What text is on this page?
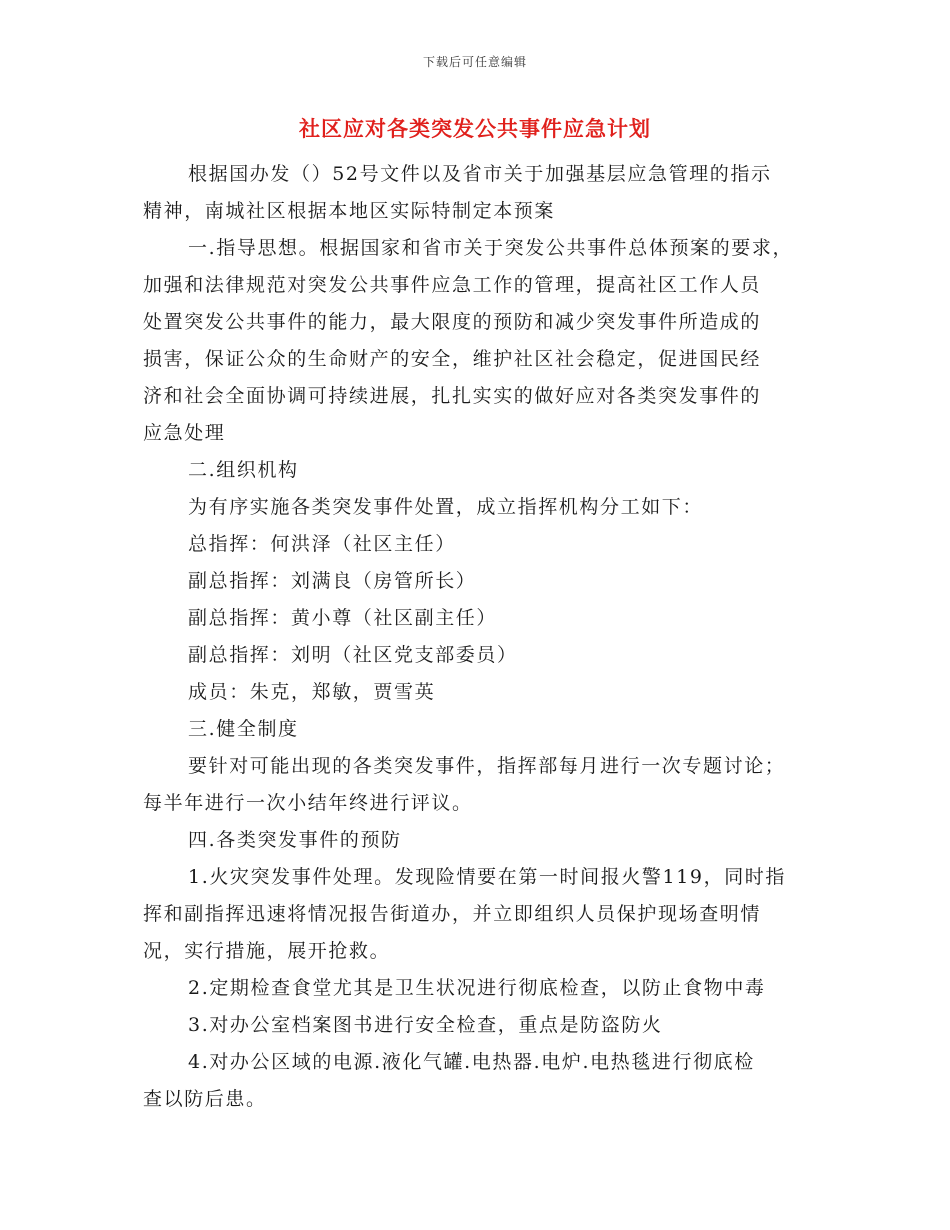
下载后可任意编辑
社区应对各类突发公共事件应急计划
根据国办发（）52号文件以及省市关于加强基层应急管理的指示
精神，南城社区根据本地区实际特制定本预案
一.指导思想。根据国家和省市关于突发公共事件总体预案的要求，
加强和法律规范对突发公共事件应急工作的管理，提高社区工作人员
处置突发公共事件的能力，最大限度的预防和减少突发事件所造成的
损害，保证公众的生命财产的安全，维护社区社会稳定，促进国民经
济和社会全面协调可持续进展，扎扎实实的做好应对各类突发事件的
应急处理
二.组织机构
为有序实施各类突发事件处置，成立指挥机构分工如下：
总指挥：何洪泽（社区主任）
副总指挥：刘满良（房管所长）
副总指挥：黄小尊（社区副主任）
副总指挥：刘明（社区党支部委员）
成员：朱克，郑敏，贾雪英
三.健全制度
要针对可能出现的各类突发事件，指挥部每月进行一次专题讨论；
每半年进行一次小结年终进行评议。
四.各类突发事件的预防
1.火灾突发事件处理。发现险情要在第一时间报火警119，同时指
挥和副指挥迅速将情况报告街道办，并立即组织人员保护现场查明情
况，实行措施，展开抢救。
2.定期检查食堂尤其是卫生状况进行彻底检查，以防止食物中毒
3.对办公室档案图书进行安全检查，重点是防盗防火
4.对办公区域的电源.液化气罐.电热器.电炉.电热毯进行彻底检
查以防后患。
